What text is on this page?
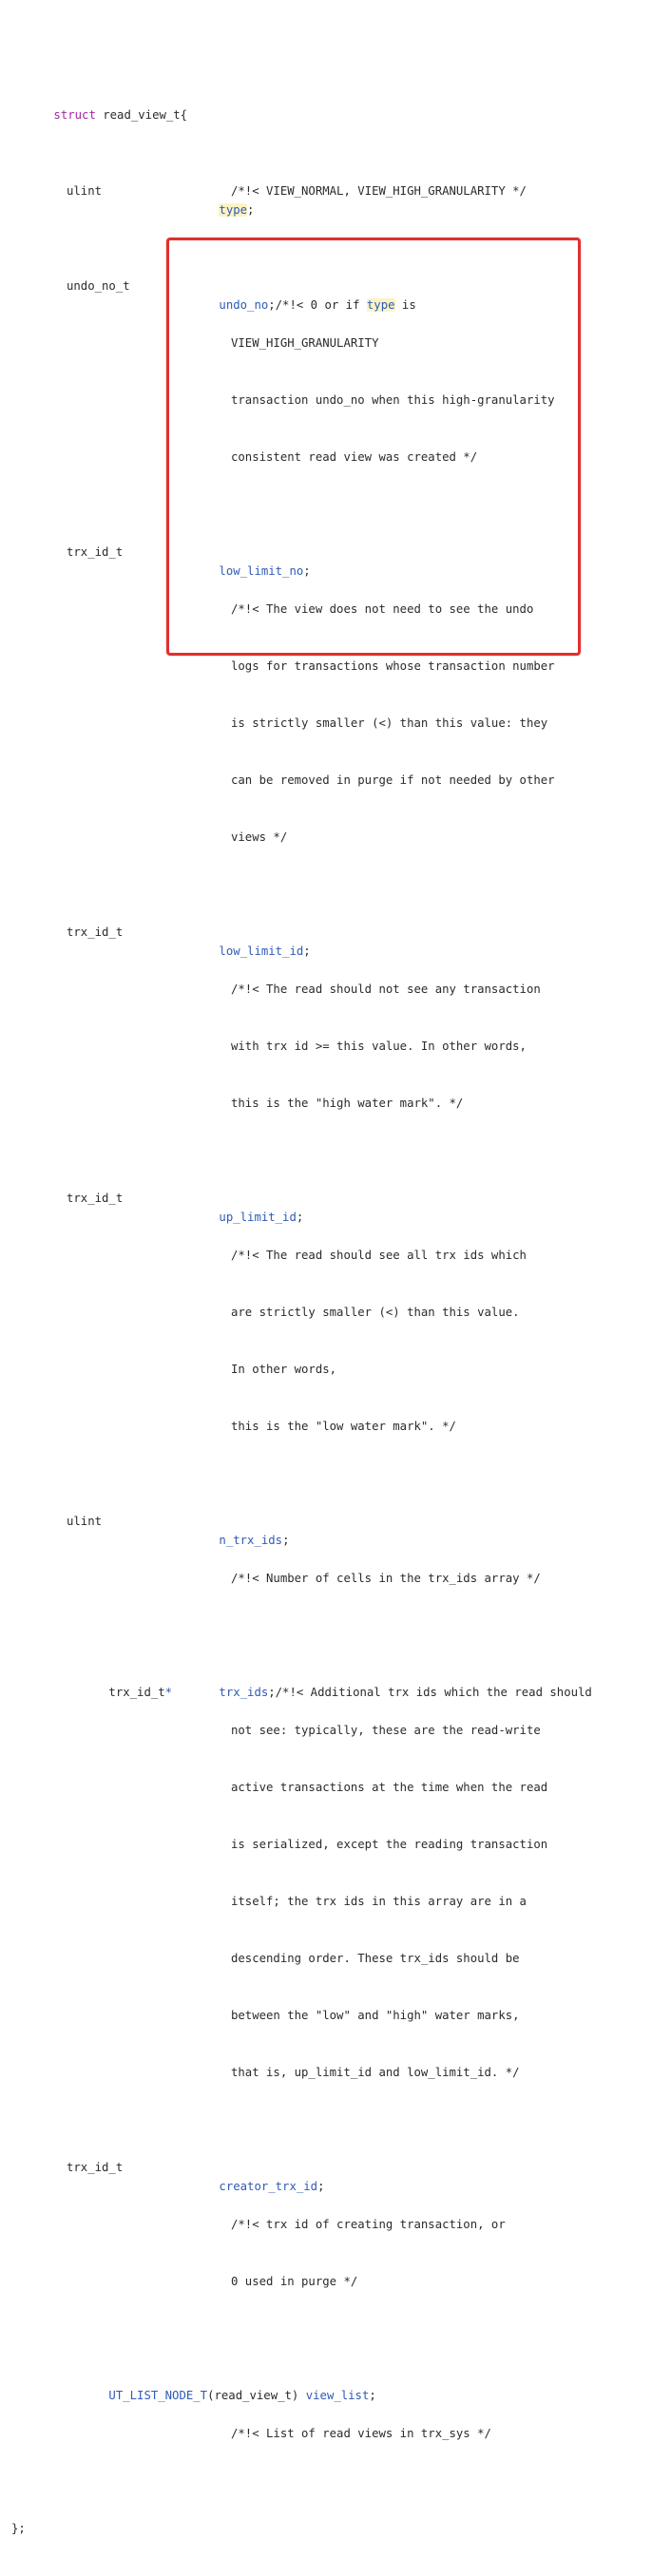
struct read_view_t{

ulint

type;

/*!< VIEW_NORMAL, VIEW_HIGH_GRANULARITY */

undo_no_t

undo_no;/*!< 0 or if type is

VIEW_HIGH_GRANULARITY

transaction undo_no when this high-granularity

consistent read view was created */

trx_id_t

low_limit_no;

/*!< The view does not need to see the undo

logs for transactions whose transaction number

is strictly smaller (<) than this value: they

can be removed in purge if not needed by other

views */

trx_id_t

low_limit_id;

/*!< The read should not see any transaction

with trx id >= this value. In other words,

this is the "high water mark". */

trx_id_t

up_limit_id;

/*!< The read should see all trx ids which

are strictly smaller (<) than this value.

In other words,

this is the "low water mark". */

ulint

n_trx_ids;

/*!< Number of cells in the trx_ids array */

trx_id_t*

	trx_ids;/*!< Additional trx ids which the read should

not see: typically, these are the read-write

active transactions at the time when the read

is serialized, except the reading transaction

itself; the trx ids in this array are in a

descending order. These trx_ids should be

between the "low" and "high" water marks,

that is, up_limit_id and low_limit_id. */

trx_id_t

creator_trx_id;

/*!< trx id of creating transaction, or

0 used in purge */

UT_LIST_NODE_T(read_view_t) view_list;

/*!< List of read views in trx_sys */

};
